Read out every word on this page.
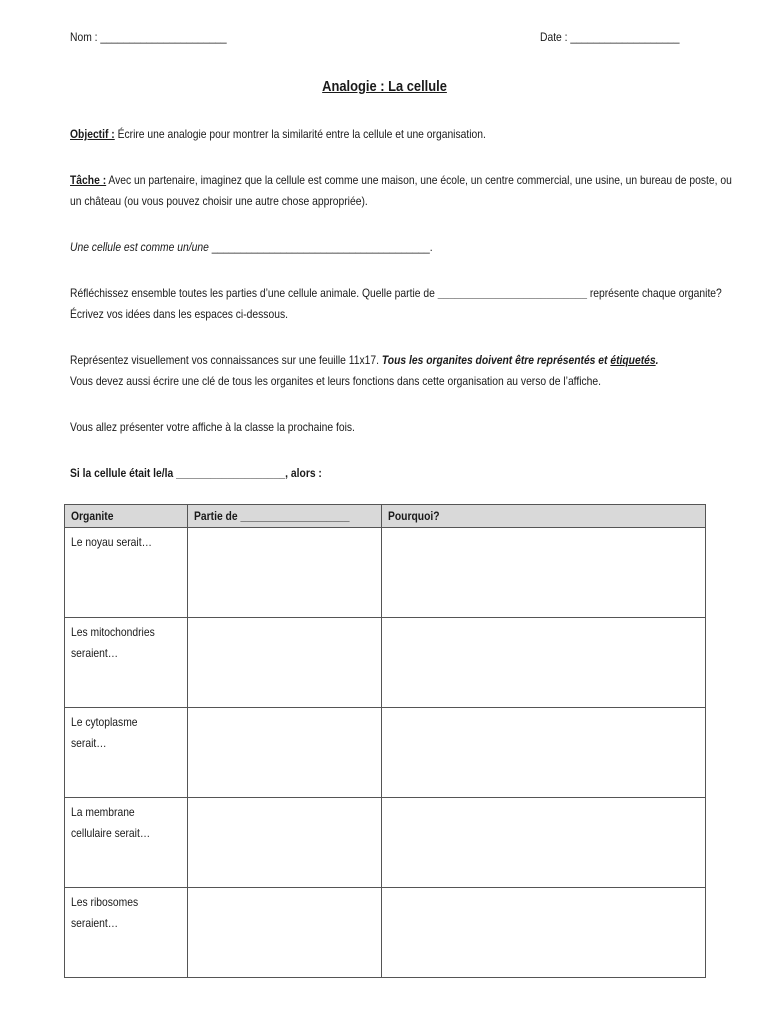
Nom : ______________________	Date : ___________________
Analogie : La cellule
Objectif : Écrire une analogie pour montrer la similarité entre la cellule et une organisation.
Tâche : Avec un partenaire, imaginez que la cellule est comme une maison, une école, un centre commercial, une usine, un bureau de poste, ou
un château (ou vous pouvez choisir une autre chose appropriée).
Une cellule est comme un/une ______________________________________.
Réfléchissez ensemble toutes les parties d’une cellule animale. Quelle partie de __________________________ représente chaque organite?
Écrivez vos idées dans les espaces ci-dessous.
Représentez visuellement vos connaissances sur une feuille 11x17. Tous les organites doivent être représentés et étiquetés.
Vous devez aussi écrire une clé de tous les organites et leurs fonctions dans cette organisation au verso de l’affiche.
Vous allez présenter votre affiche à la classe la prochaine fois.
Si la cellule était le/la ___________________, alors :
Organite	Partie de ___________________	Pourquoi?
Le noyau serait…		
Les mitochondries seraient…		
Le cytoplasme serait…		
La membrane cellulaire serait…		
Les ribosomes seraient…		
